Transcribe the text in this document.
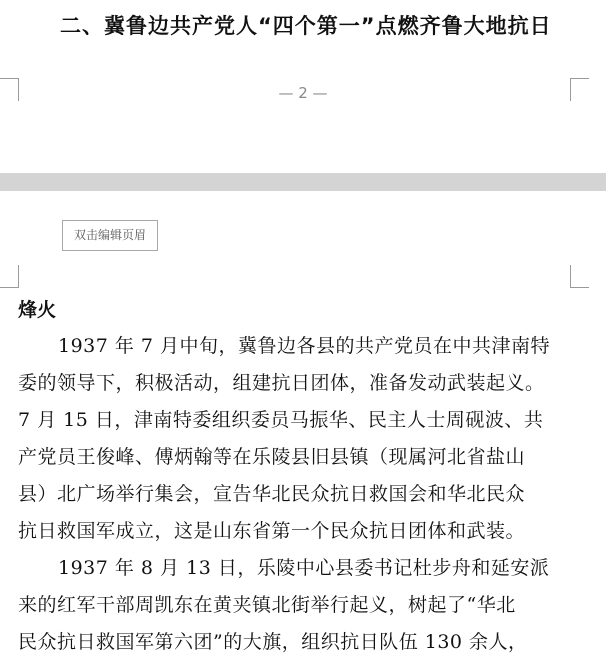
二、冀鲁边共产党人“四个第一”点燃齐鲁大地抗日
— 2 —
双击编辑页眉
烽火
1937 年 7 月中旬，冀鲁边各县的共产党员在中共津南特
委的领导下，积极活动，组建抗日团体，准备发动武装起义。
7 月 15 日，津南特委组织委员马振华、民主人士周砚波、共
产党员王俊峰、傅炳翰等在乐陵县旧县镇（现属河北省盐山
县）北广场举行集会，宣告华北民众抗日救国会和华北民众
抗日救国军成立，这是山东省第一个民众抗日团体和武装。
1937 年 8 月 13 日，乐陵中心县委书记杜步舟和延安派
来的红军干部周凯东在黄夹镇北街举行起义，树起了“华北
民众抗日救国军第六团”的大旗，组织抗日队伍 130 余人，
